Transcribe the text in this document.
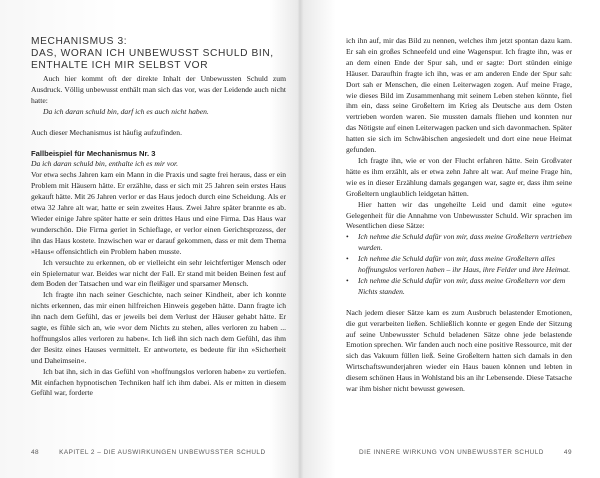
MECHANISMUS 3:
DAS, WORAN ICH UNBEWUSST SCHULD BIN,
ENTHALTE ICH MIR SELBST VOR

Auch hier kommt oft der direkte Inhalt der Unbewussten Schuld zum Ausdruck. Völlig unbewusst enthält man sich das vor, was der Leidende auch nicht hatte:

Da ich daran schuld bin, darf ich es auch nicht haben.

Auch dieser Mechanismus ist häufig aufzufinden.

Fallbeispiel für Mechanismus Nr. 3

Da ich daran schuld bin, enthalte ich es mir vor.

Vor etwa sechs Jahren kam ein Mann in die Praxis und sagte frei heraus, dass er ein Problem mit Häusern hätte. Er erzählte, dass er sich mit 25 Jahren sein erstes Haus gekauft hätte. Mit 26 Jahren verlor er das Haus jedoch durch eine Scheidung. Als er etwa 32 Jahre alt war, hatte er sein zweites Haus. Zwei Jahre später brannte es ab. Wieder einige Jahre später hatte er sein drittes Haus und eine Firma. Das Haus war wunderschön. Die Firma geriet in Schieflage, er verlor einen Gerichtsprozess, der ihn das Haus kostete. Inzwischen war er darauf gekommen, dass er mit dem Thema »Haus« offensichtlich ein Problem haben musste.

Ich versuchte zu erkennen, ob er vielleicht ein sehr leichtfertiger Mensch oder ein Spielernatur war. Beides war nicht der Fall. Er stand mit beiden Beinen fest auf dem Boden der Tatsachen und war ein fleißiger und sparsamer Mensch.

Ich fragte ihn nach seiner Geschichte, nach seiner Kindheit, aber ich konnte nichts erkennen, das mir einen hilfreichen Hinweis gegeben hätte. Dann fragte ich ihn nach dem Gefühl, das er jeweils bei dem Verlust der Häuser gehabt hätte. Er sagte, es fühle sich an, wie »vor dem Nichts zu stehen, alles verloren zu haben ... hoffnungslos alles verloren zu haben«. Ich ließ ihn sich nach dem Gefühl, das ihm der Besitz eines Hauses vermittelt. Er antwortete, es bedeute für ihn »Sicherheit und Daheimsein«.

Ich bat ihn, sich in das Gefühl von »hoffnungslos verloren haben« zu vertiefen. Mit einfachen hypnotischen Techniken half ich ihm dabei. Als er mitten in diesem Gefühl war, forderte

48	KAPITEL 2 – DIE AUSWIRKUNGEN UNBEWUSSTER SCHULD

ich ihn auf, mir das Bild zu nennen, welches ihm jetzt spontan dazu kam. Er sah ein großes Schneefeld und eine Wagenspur. Ich fragte ihn, was er an dem einen Ende der Spur sah, und er sagte: Dort stünden einige Häuser. Daraufhin fragte ich ihn, was er am anderen Ende der Spur sah: Dort sah er Menschen, die einen Leiterwagen zogen. Auf meine Frage, wie dieses Bild im Zusammenhang mit seinem Leben stehen könnte, fiel ihm ein, dass seine Großeltern im Krieg als Deutsche aus dem Osten vertrieben worden waren. Sie mussten damals fliehen und konnten nur das Nötigste auf einen Leiterwagen packen und sich davonmachen. Später hatten sie sich im Schwäbischen angesiedelt und dort eine neue Heimat gefunden.

Ich fragte ihn, wie er von der Flucht erfahren hätte. Sein Großvater hätte es ihm erzählt, als er etwa zehn Jahre alt war. Auf meine Frage hin, wie es in dieser Erzählung damals gegangen war, sagte er, dass ihm seine Großeltern unglaublich leidgetan hätten.

Hier hatten wir das ungeheilte Leid und damit eine »gute« Gelegenheit für die Annahme von Unbewusster Schuld. Wir sprachen im Wesentlichen diese Sätze:

•	Ich nehme die Schuld dafür von mir, dass meine Großeltern vertrieben wurden.
•	Ich nehme die Schuld dafür von mir, dass meine Großeltern alles hoffnungslos verloren haben – ihr Haus, ihre Felder und ihre Heimat.
•	Ich nehme die Schuld dafür von mir, dass meine Großeltern vor dem Nichts standen.

Nach jedem dieser Sätze kam es zum Ausbruch belastender Emotionen, die gut verarbeiten ließen. Schließlich konnte er gegen Ende der Sitzung auf seine Unbewusster Schuld beladenen Sätze ohne jede belastende Emotion sprechen. Wir fanden auch noch eine positive Ressource, mit der sich das Vakuum füllen ließ. Seine Großeltern hatten sich damals in den Wirtschaftswunderjahren wieder ein Haus bauen können und lebten in diesem schönen Haus in Wohlstand bis an ihr Lebensende. Diese Tatsache war ihm bisher nicht bewusst gewesen.

DIE INNERE WIRKUNG VON UNBEWUSSTER SCHULD	49
